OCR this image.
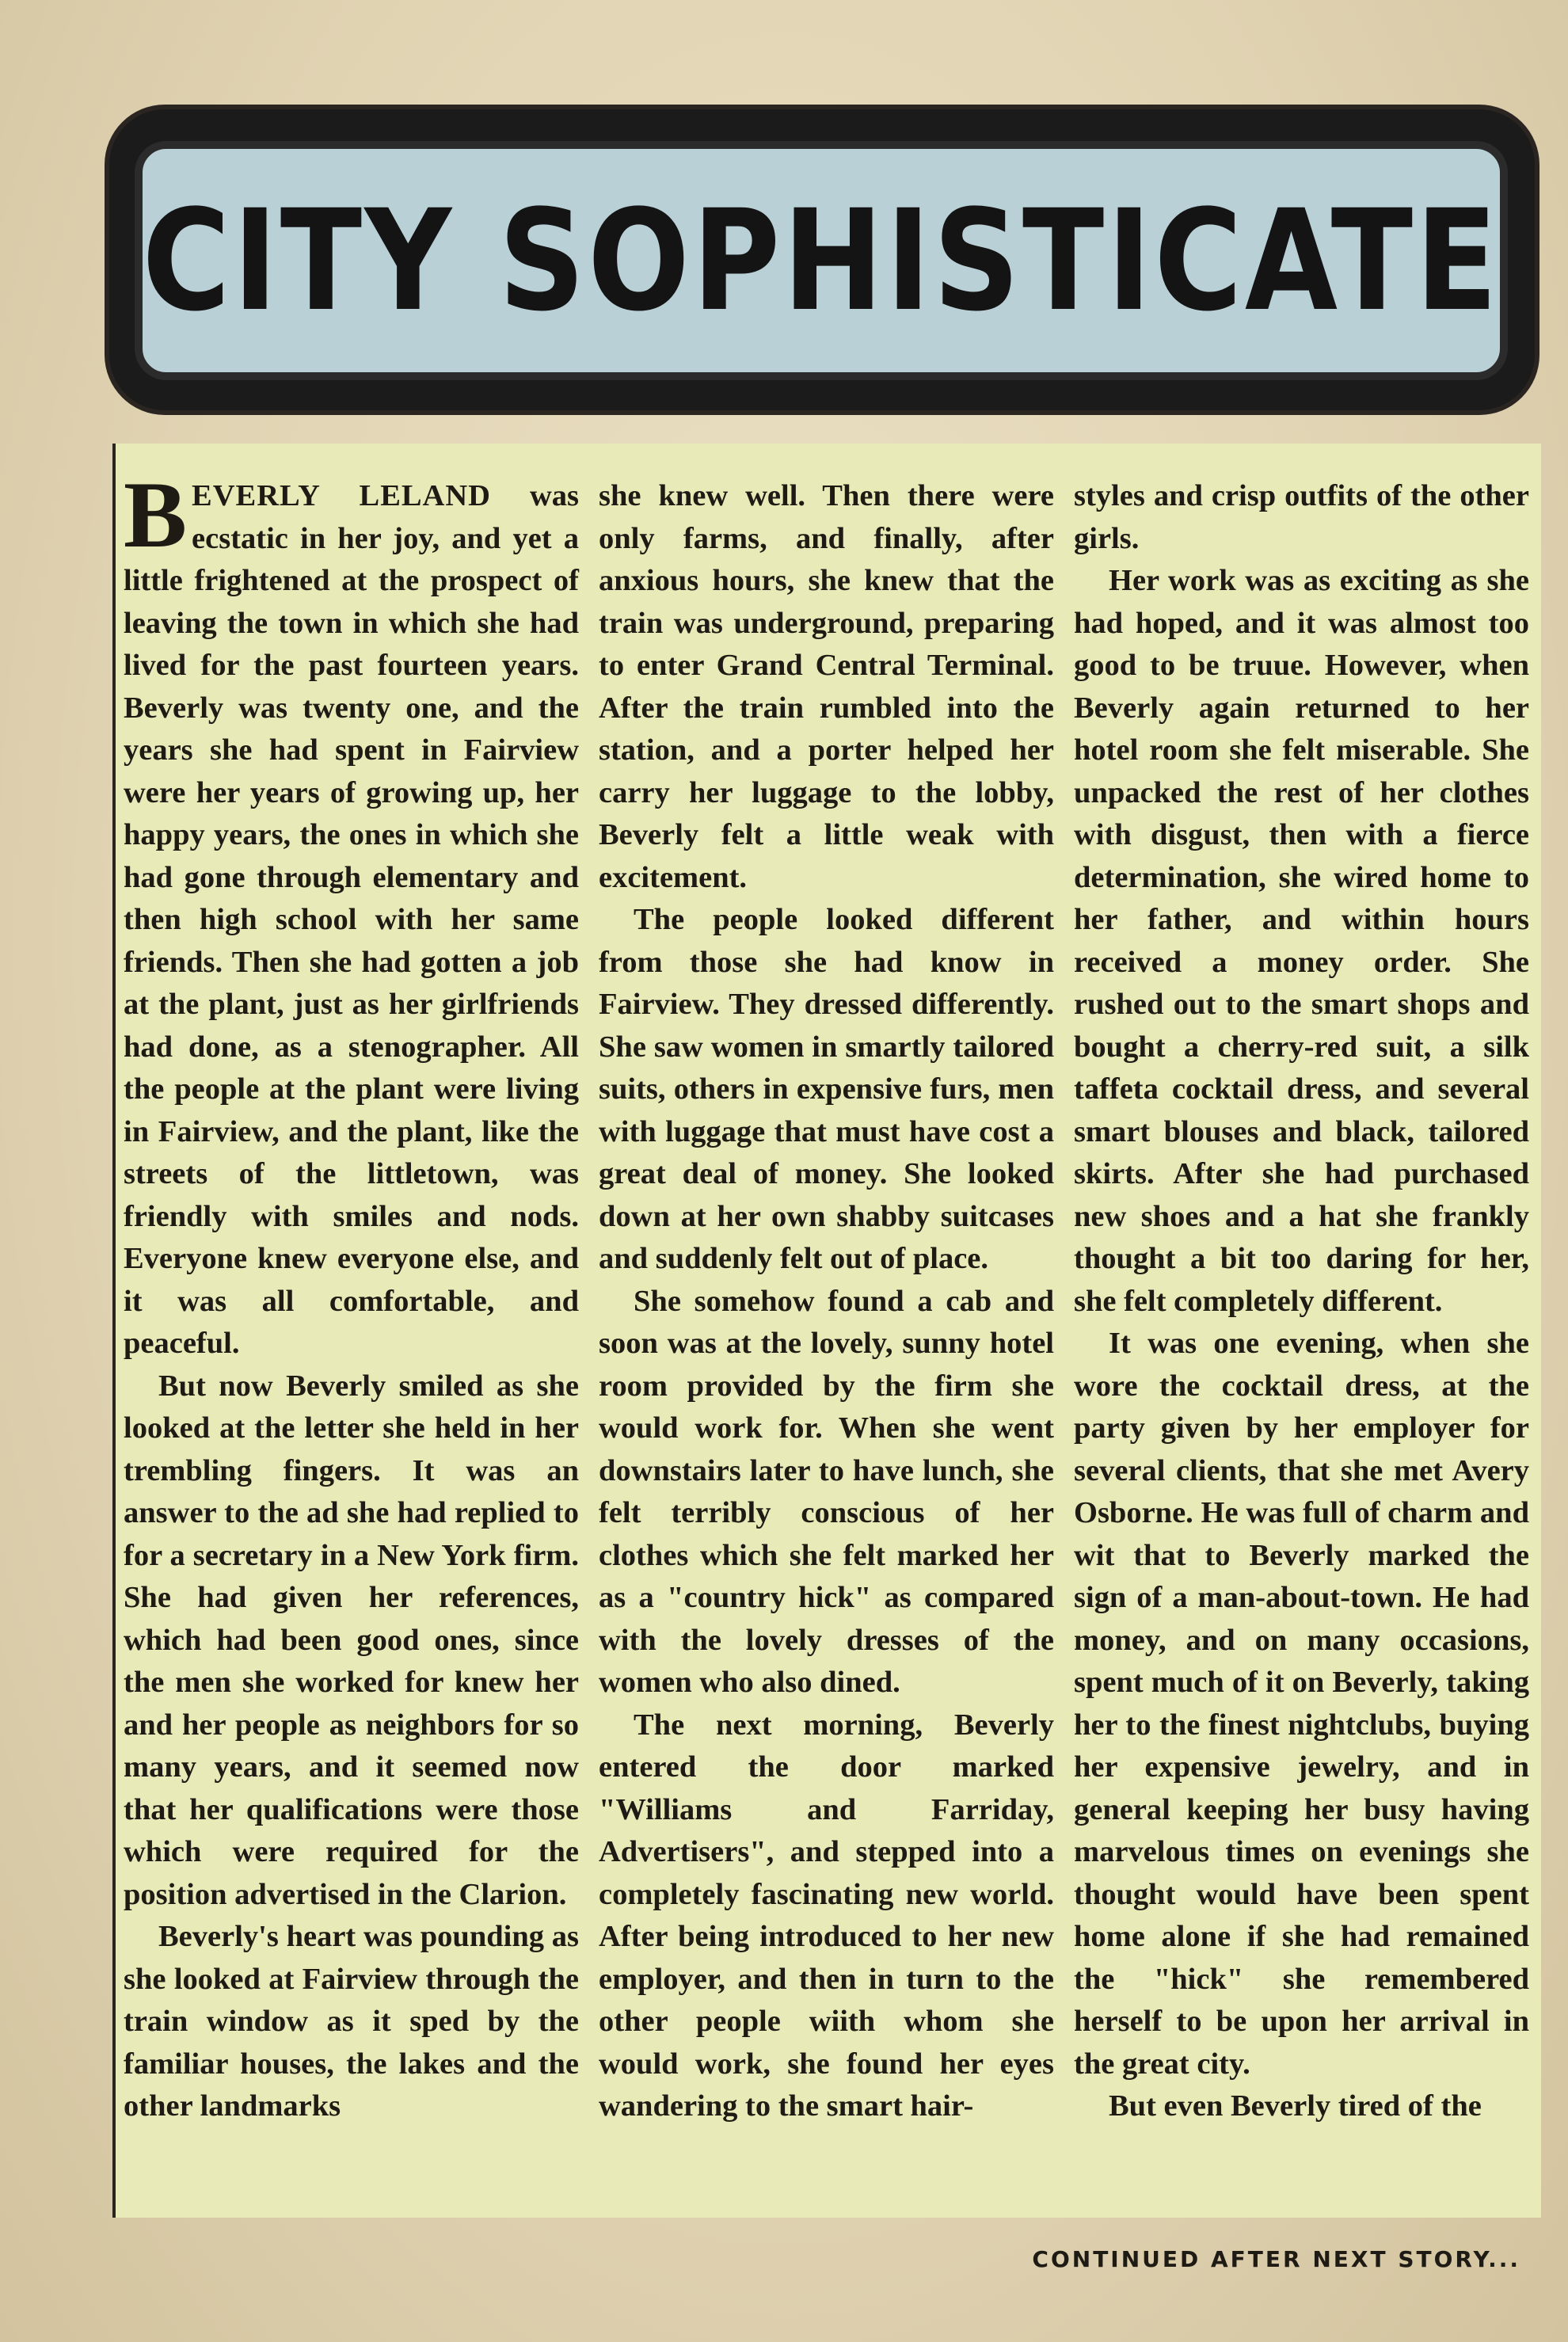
CITY SOPHISTICATE

BEVERLY LELAND was ecstatic in her joy, and yet a little frightened at the prospect of leaving the town in which she had lived for the past fourteen years. Beverly was twenty one, and the years she had spent in Fairview were her years of growing up, her happy years, the ones in which she had gone through elementary and then high school with her same friends. Then she had gotten a job at the plant, just as her girlfriends had done, as a stenographer. All the people at the plant were living in Fairview, and the plant, like the streets of the littletown, was friendly with smiles and nods. Everyone knew everyone else, and it was all comfortable, and peaceful.

But now Beverly smiled as she looked at the letter she held in her trembling fingers. It was an answer to the ad she had replied to for a secretary in a New York firm. She had given her references, which had been good ones, since the men she worked for knew her and her people as neighbors for so many years, and it seemed now that her qualifications were those which were required for the position advertised in the Clarion.

Beverly's heart was pounding as she looked at Fairview through the train window as it sped by the familiar houses, the lakes and the other landmarks

she knew well. Then there were only farms, and finally, after anxious hours, she knew that the train was underground, preparing to enter Grand Central Terminal. After the train rumbled into the station, and a porter helped her carry her luggage to the lobby, Beverly felt a little weak with excitement.

The people looked different from those she had know in Fairview. They dressed differently. She saw women in smartly tailored suits, others in expensive furs, men with luggage that must have cost a great deal of money. She looked down at her own shabby suitcases and suddenly felt out of place.

She somehow found a cab and soon was at the lovely, sunny hotel room provided by the firm she would work for. When she went downstairs later to have lunch, she felt terribly conscious of her clothes which she felt marked her as a "country hick" as compared with the lovely dresses of the women who also dined.

The next morning, Beverly entered the door marked "Williams and Farriday, Advertisers", and stepped into a completely fascinating new world. After being introduced to her new employer, and then in turn to the other people wiith whom she would work, she found her eyes wandering to the smart hair-

styles and crisp outfits of the other girls.

Her work was as exciting as she had hoped, and it was almost too good to be truue. However, when Beverly again returned to her hotel room she felt miserable. She unpacked the rest of her clothes with disgust, then with a fierce determination, she wired home to her father, and within hours received a money order. She rushed out to the smart shops and bought a cherry-red suit, a silk taffeta cocktail dress, and several smart blouses and black, tailored skirts. After she had purchased new shoes and a hat she frankly thought a bit too daring for her, she felt completely different.

It was one evening, when she wore the cocktail dress, at the party given by her employer for several clients, that she met Avery Osborne. He was full of charm and wit that to Beverly marked the sign of a man-about-town. He had money, and on many occasions, spent much of it on Beverly, taking her to the finest nightclubs, buying her expensive jewelry, and in general keeping her busy having marvelous times on evenings she thought would have been spent home alone if she had remained the "hick" she remembered herself to be upon her arrival in the great city.

But even Beverly tired of the

CONTINUED AFTER NEXT STORY...
